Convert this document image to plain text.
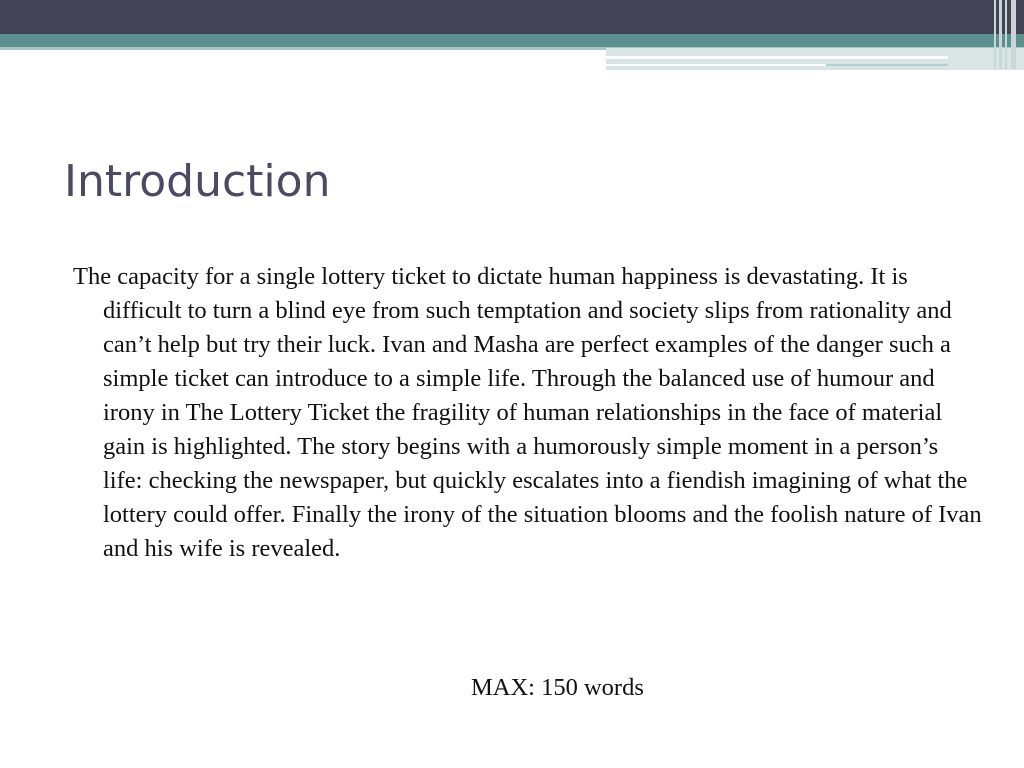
Introduction

The capacity for a single lottery ticket to dictate human happiness is devastating. It is difficult to turn a blind eye from such temptation and society slips from rationality and can’t help but try their luck. Ivan and Masha are perfect examples of the danger such a simple ticket can introduce to a simple life. Through the balanced use of humour and irony in The Lottery Ticket the fragility of human relationships in the face of material gain is highlighted. The story begins with a humorously simple moment in a person’s life: checking the newspaper, but quickly escalates into a fiendish imagining of what the lottery could offer. Finally the irony of the situation blooms and the foolish nature of Ivan and his wife is revealed.

MAX: 150 words
